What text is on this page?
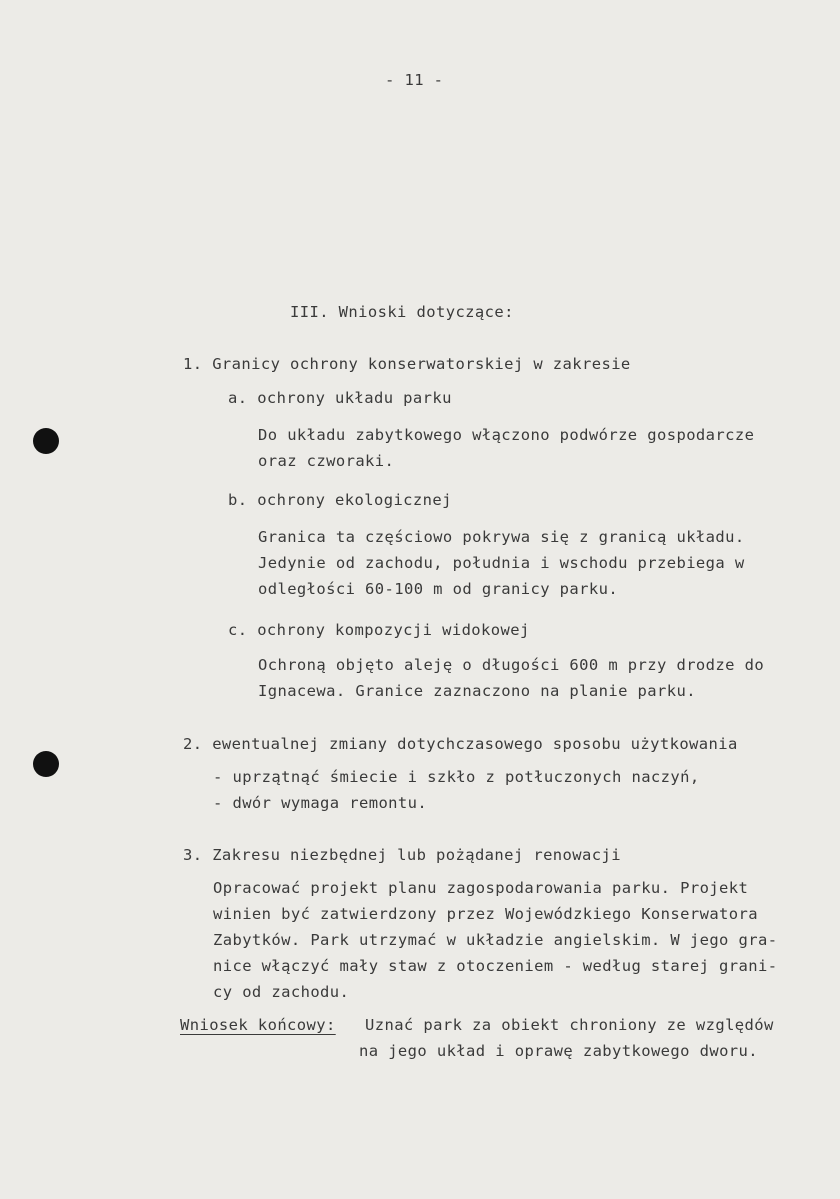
- 11 -
III. Wnioski dotyczące:
1. Granicy ochrony konserwatorskiej w zakresie
a. ochrony układu parku
Do układu zabytkowego włączono podwórze gospodarcze
oraz czworaki.
b. ochrony ekologicznej
Granica ta częściowo pokrywa się z granicą układu.
Jedynie od zachodu, południa i wschodu przebiega w
odległości 60-100 m od granicy parku.
c. ochrony kompozycji widokowej
Ochroną objęto aleję o długości 600 m przy drodze do
Ignacewa. Granice zaznaczono na planie parku.
2. ewentualnej zmiany dotychczasowego sposobu użytkowania
- uprzątnąć śmiecie i szkło z potłuczonych naczyń,
- dwór wymaga remontu.
3. Zakresu niezbędnej lub pożądanej renowacji
Opracować projekt planu zagospodarowania parku. Projekt
winien być zatwierdzony przez Wojewódzkiego Konserwatora
Zabytków. Park utrzymać w układzie angielskim. W jego gra-
nice włączyć mały staw z otoczeniem - według starej grani-
cy od zachodu.
Wniosek końcowy: Uznać park za obiekt chroniony ze względów
na jego układ i oprawę zabytkowego dworu.
